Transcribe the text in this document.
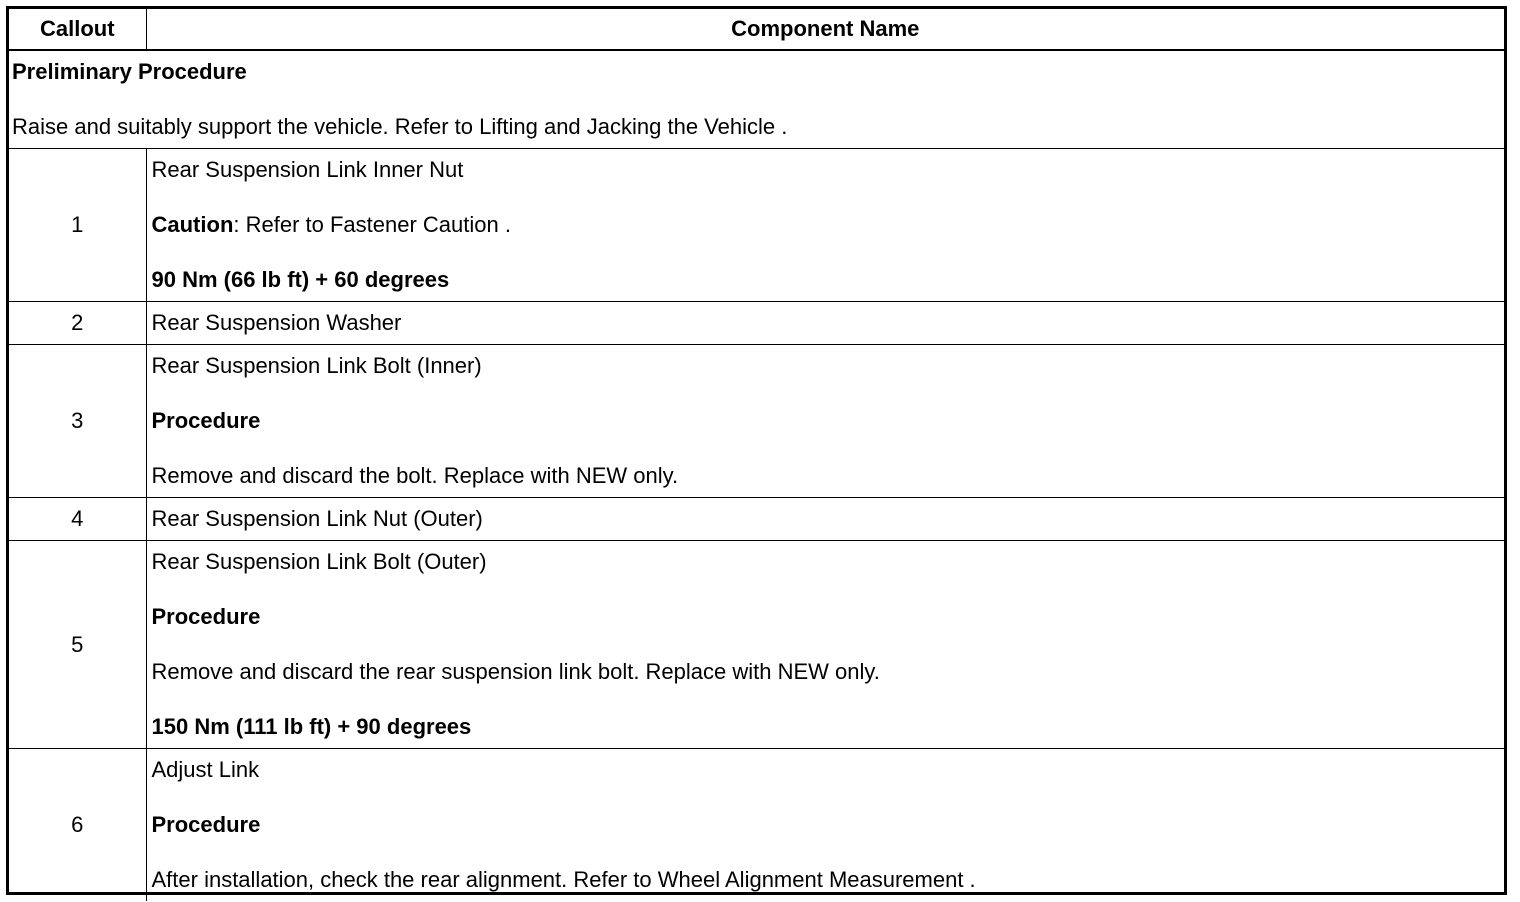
Callout	Component Name

Preliminary Procedure
Raise and suitably support the vehicle. Refer to Lifting and Jacking the Vehicle .	

1	Rear Suspension Link Inner Nut
Caution: Refer to Fastener Caution .
90 Nm (66 lb ft) + 60 degrees

2	Rear Suspension Washer
3	Rear Suspension Link Bolt (Inner)
Procedure
Remove and discard the bolt. Replace with NEW only.

4	Rear Suspension Link Nut (Outer)
5	Rear Suspension Link Bolt (Outer)
Procedure
Remove and discard the rear suspension link bolt. Replace with NEW only.
150 Nm (111 lb ft) + 90 degrees

6	Adjust Link
Procedure
After installation, check the rear alignment. Refer to Wheel Alignment Measurement .
